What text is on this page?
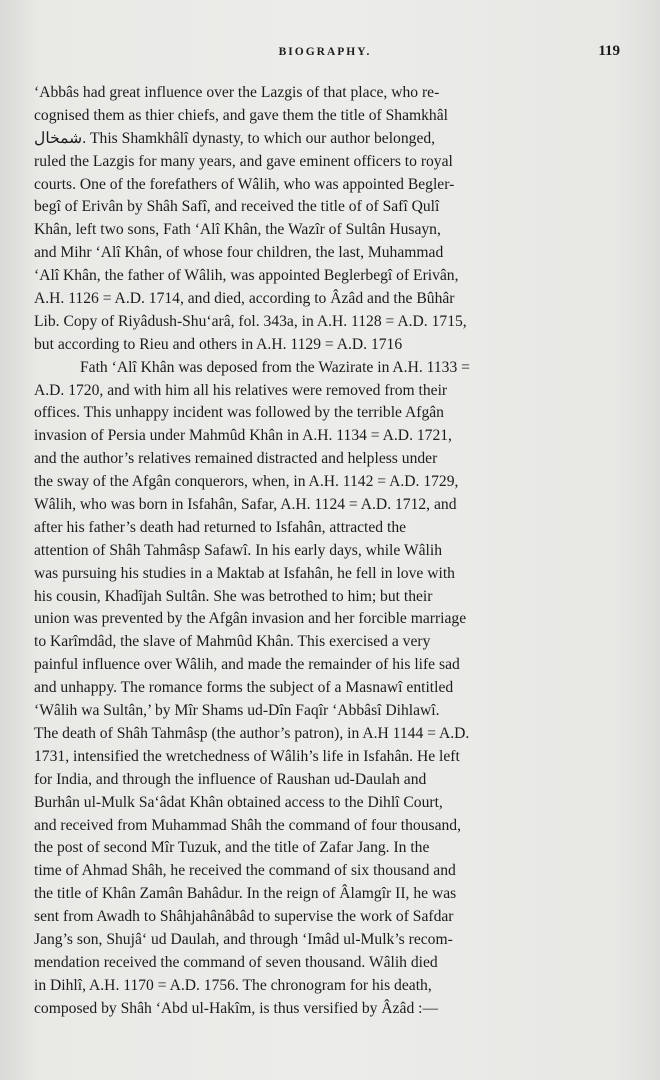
BIOGRAPHY.	119
‘Abbâs had great influence over the Lazgis of that place, who re-
cognised them as thier chiefs, and gave them the title of Shamkhâl
شمخال. This Shamkhâlî dynasty, to which our author belonged,
ruled the Lazgis for many years, and gave eminent officers to royal
courts. One of the forefathers of Wâlih, who was appointed Begler-
begî of Erivân by Shâh Safî, and received the title of of Safî Qulî
Khân, left two sons, Fath ‘Alî Khân, the Wazîr of Sultân Husayn,
and Mihr ‘Alî Khân, of whose four children, the last, Muhammad
‘Alî Khân, the father of Wâlih, was appointed Beglerbegî of Erivân,
A.H. 1126 = A.D. 1714, and died, according to Âzâd and the Bûhâr
Lib. Copy of Riyâdush-Shu‘arâ, fol. 343a, in A.H. 1128 = A.D. 1715,
but according to Rieu and others in A.H. 1129 = A.D. 1716
Fath ‘Alî Khân was deposed from the Wazirate in A.H. 1133 =
A.D. 1720, and with him all his relatives were removed from their
offices. This unhappy incident was followed by the terrible Afgân
invasion of Persia under Mahmûd Khân in A.H. 1134 = A.D. 1721,
and the author’s relatives remained distracted and helpless under
the sway of the Afgân conquerors, when, in A.H. 1142 = A.D. 1729,
Wâlih, who was born in Isfahân, Safar, A.H. 1124 = A.D. 1712, and
after his father’s death had returned to Isfahân, attracted the
attention of Shâh Tahmâsp Safawî. In his early days, while Wâlih
was pursuing his studies in a Maktab at Isfahân, he fell in love with
his cousin, Khadîjah Sultân. She was betrothed to him; but their
union was prevented by the Afgân invasion and her forcible marriage
to Karîmdâd, the slave of Mahmûd Khân. This exercised a very
painful influence over Wâlih, and made the remainder of his life sad
and unhappy. The romance forms the subject of a Masnawî entitled
‘Wâlih wa Sultân,’ by Mîr Shams ud-Dîn Faqîr ‘Abbâsî Dihlawî.
The death of Shâh Tahmâsp (the author’s patron), in A.H 1144 = A.D.
1731, intensified the wretchedness of Wâlih’s life in Isfahân. He left
for India, and through the influence of Raushan ud-Daulah and
Burhân ul-Mulk Sa‘âdat Khân obtained access to the Dihlî Court,
and received from Muhammad Shâh the command of four thousand,
the post of second Mîr Tuzuk, and the title of Zafar Jang. In the
time of Ahmad Shâh, he received the command of six thousand and
the title of Khân Zamân Bahâdur. In the reign of Âlamgîr II, he was
sent from Awadh to Shâhjahânâbâd to supervise the work of Safdar
Jang’s son, Shujâ‘ ud Daulah, and through ‘Imâd ul-Mulk’s recom-
mendation received the command of seven thousand. Wâlih died
in Dihlî, A.H. 1170 = A.D. 1756. The chronogram for his death,
composed by Shâh ‘Abd ul-Hakîm, is thus versified by Âzâd :—
